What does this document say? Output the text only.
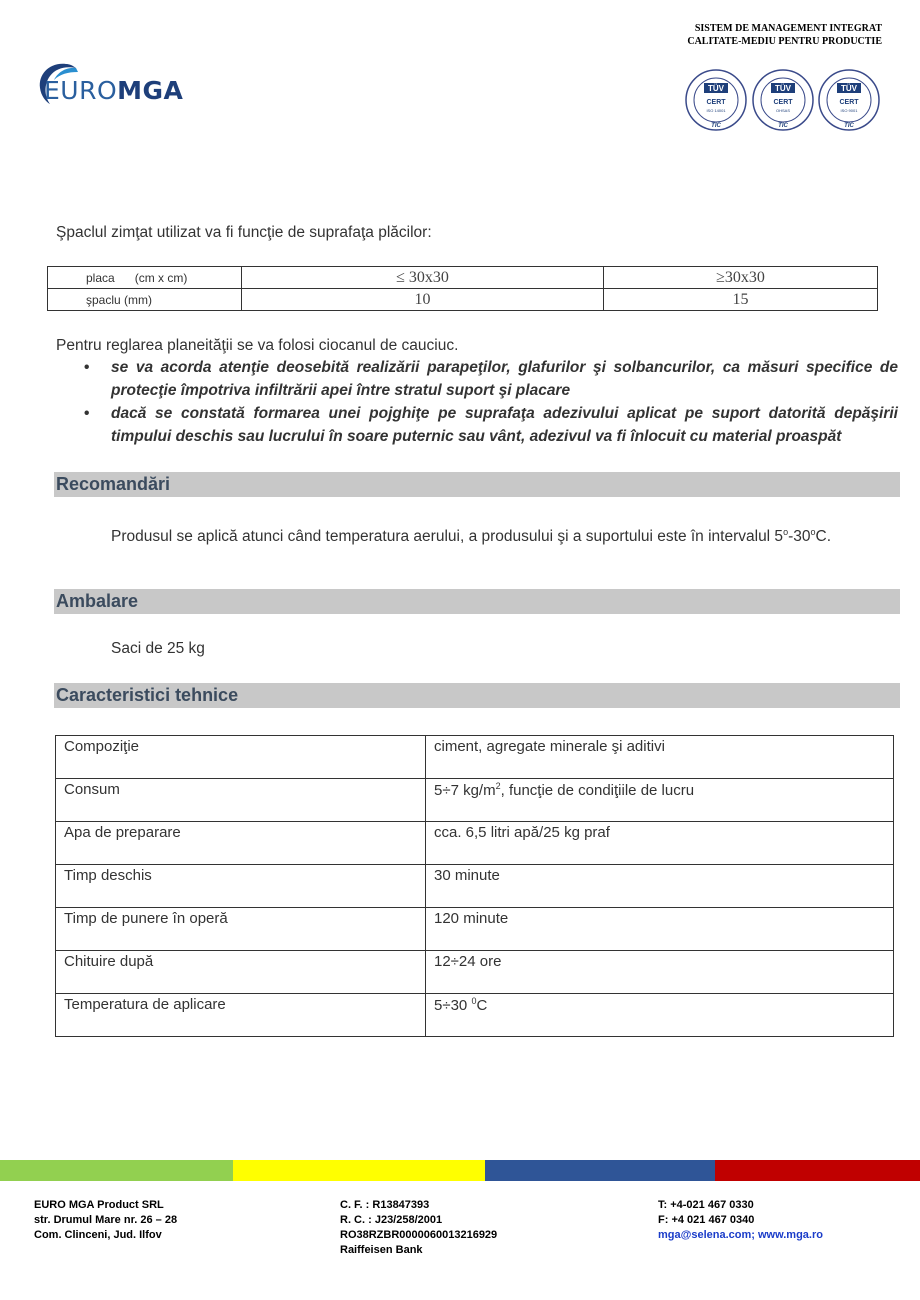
SISTEM DE MANAGEMENT INTEGRAT
CALITATE-MEDIU PENTRU PRODUCTIE
EUROMGA	TÜV
CERT
ISO 14001
TIC
TÜV
CERT
OHSAS
TIC
TÜV
CERT
ISO 9001
TIC
Şpaclul zimţat utilizat va fi funcţie de suprafaţa plăcilor:
placa      (cm x cm)	≤ 30x30	≥30x30
şpaclu (mm)	10	15
Pentru reglarea planeităţii se va folosi ciocanul de cauciuc.
• se va acorda atenţie deosebită realizării parapeţilor, glafurilor şi solbancurilor, ca măsuri specifice de protecţie împotriva infiltrării apei între stratul suport şi placare
• dacă se constată formarea unei pojghiţe pe suprafaţa adezivului aplicat pe suport datorită depăşirii timpului deschis sau lucrului în soare puternic sau vânt, adezivul va fi înlocuit cu material proaspăt
Recomandări
Produsul se aplică atunci când temperatura aerului, a produsului şi a suportului este în intervalul 5$^o$-30$^o$C.
Ambalare
Saci de 25 kg
Caracteristici tehnice
Compoziţie	ciment, agregate minerale şi aditivi
Consum	5÷7 $kg/m^2$, funcţie de condiţiile de lucru
Apa de preparare	cca. 6,5 litri apă/25 kg praf
Timp deschis	30 minute
Timp de punere în operă	120 minute
Chituire după	12÷24 ore
Temperatura de aplicare	5÷30 $^0$C
EURO MGA Product SRL
str. Drumul Mare nr. 26 – 28
Com. Clinceni, Jud. Ilfov
C. F. : R13847393
R. C. : J23/258/2001
RO38RZBR0000060013216929
Raiffeisen Bank
T: +4-021 467 0330
F: +4 021 467 0340
mga@selena.com; www.mga.ro
